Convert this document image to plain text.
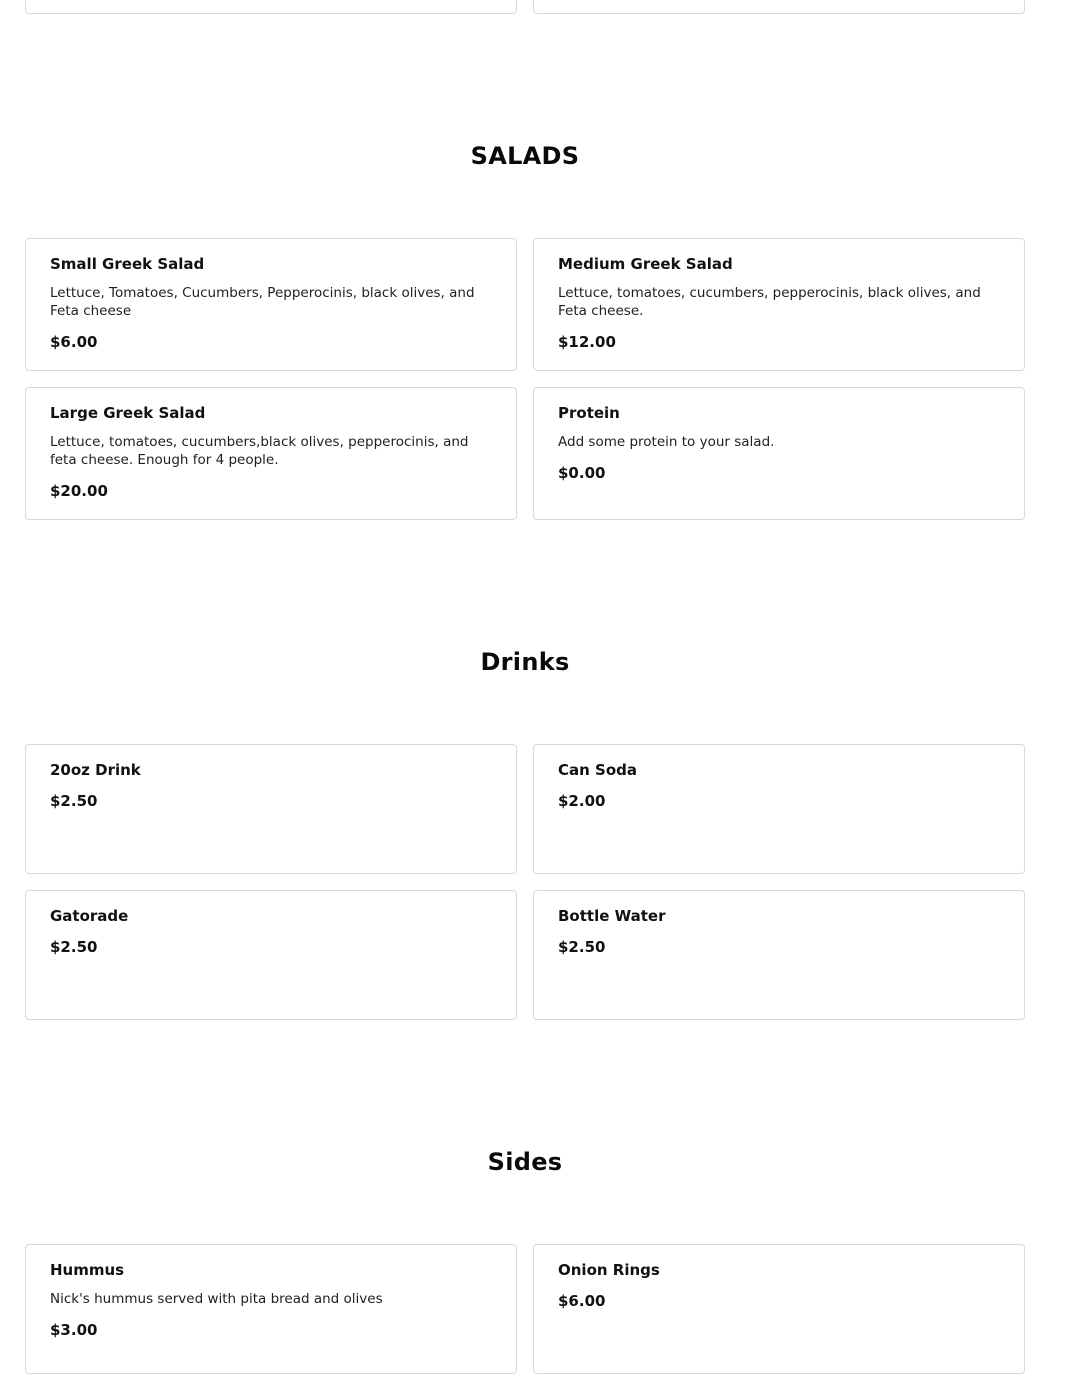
SALADS
Small Greek Salad
Lettuce, Tomatoes, Cucumbers, Pepperocinis, black olives, and Feta cheese
$6.00
Medium Greek Salad
Lettuce, tomatoes, cucumbers, pepperocinis, black olives, and Feta cheese.
$12.00
Large Greek Salad
Lettuce, tomatoes, cucumbers,black olives, pepperocinis, and feta cheese. Enough for 4 people.
$20.00
Protein
Add some protein to your salad.
$0.00
Drinks
20oz Drink
$2.50
Can Soda
$2.00
Gatorade
$2.50
Bottle Water
$2.50
Sides
Hummus
Nick's hummus served with pita bread and olives
$3.00
Onion Rings
$6.00
